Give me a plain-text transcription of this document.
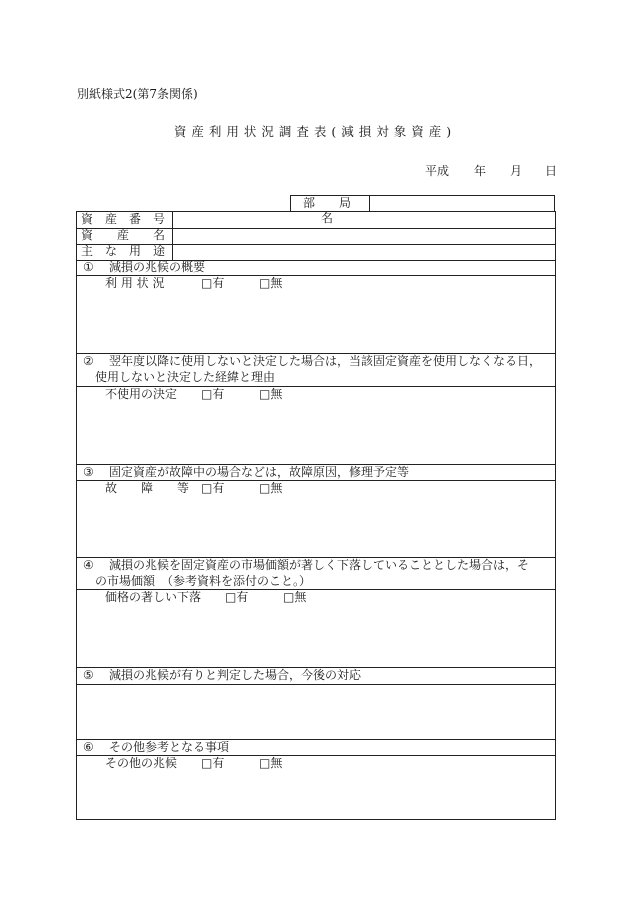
別紙様式2(第7条関係)
資産利用状況調査表(減損対象資産)
平成 年 月 日
部　局　名
資　産　番　号
資　　産　　名
主　な　用　途
① 減損の兆候の概要
利 用 状 況	□有	□無
② 翌年度以降に使用しないと決定した場合は，当該固定資産を使用しなくなる日，
使用しないと決定した経緯と理由
不使用の決定 □有	□無
③ 固定資産が故障中の場合などは，故障原因，修理予定等
故　　障　　等 □有	□無
④ 減損の兆候を固定資産の市場価額が著しく下落していることとした場合は，そ
の市場価額　（参考資料を添付のこと。）
価格の著しい下落 □有	□無
⑤ 減損の兆候が有りと判定した場合，今後の対応
⑥ その他参考となる事項
その他の兆候 □有	□無
